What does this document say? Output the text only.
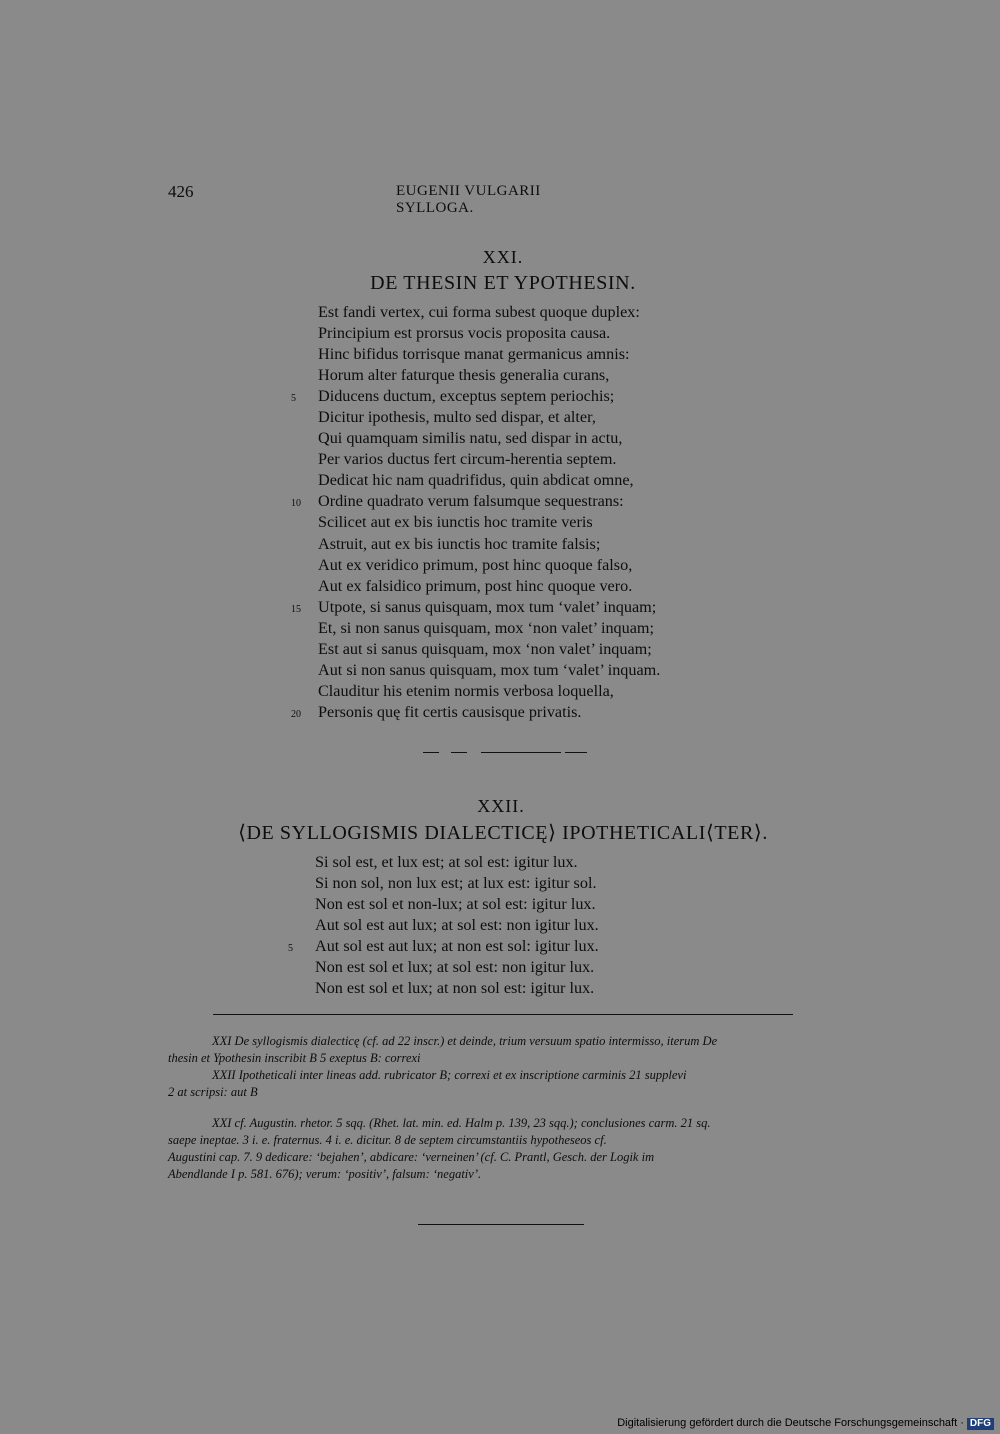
426	EUGENII VULGARII SYLLOGA.
XXI.
DE THESIN ET YPOTHESIN.
Est fandi vertex, cui forma subest quoque duplex:
Principium est prorsus vocis proposita causa.
Hinc bifidus torrisque manat germanicus amnis:
Horum alter faturque thesis generalia curans,
5	Diducens ductum, exceptus septem periochis;
Dicitur ipothesis, multo sed dispar, et alter,
Qui quamquam similis natu, sed dispar in actu,
Per varios ductus fert circum-herentia septem.
Dedicat hic nam quadrifidus, quin abdicat omne,
10	Ordine quadrato verum falsumque sequestrans:
Scilicet aut ex bis iunctis hoc tramite veris
Astruit, aut ex bis iunctis hoc tramite falsis;
Aut ex veridico primum, post hinc quoque falso,
Aut ex falsidico primum, post hinc quoque vero.
15	Utpote, si sanus quisquam, mox tum ‘valet’ inquam;
Et, si non sanus quisquam, mox ‘non valet’ inquam;
Est aut si sanus quisquam, mox ‘non valet’ inquam;
Aut si non sanus quisquam, mox tum ‘valet’ inquam.
Clauditur his etenim normis verbosa loquella,
20	Personis quę fit certis causisque privatis.
XXII.
⟨DE SYLLOGISMIS DIALECTICĘ⟩ IPOTHETICALI⟨TER⟩.
Si sol est, et lux est; at sol est: igitur lux.
Si non sol, non lux est; at lux est: igitur sol.
Non est sol et non-lux; at sol est: igitur lux.
Aut sol est aut lux; at sol est: non igitur lux.
5	Aut sol est aut lux; at non est sol: igitur lux.
Non est sol et lux; at sol est: non igitur lux.
Non est sol et lux; at non sol est: igitur lux.

XXI De syllogismis dialecticę (cf. ad 22 inscr.) et deinde, trium versuum spatio intermisso, iterum De

thesin et Ypothesin inscribit B 5 exeptus B: correxi

XXII Ipotheticali inter lineas add. rubricator B; correxi et ex inscriptione carminis 21 supplevi

2 at scripsi: aut B

XXI cf. Augustin. rhetor. 5 sqq. (Rhet. lat. min. ed. Halm p. 139, 23 sqq.); conclusiones carm. 21 sq.

saepe ineptae. 3 i. e. fraternus. 4 i. e. dicitur. 8 de septem circumstantiis hypotheseos cf.

Augustini cap. 7. 9 dedicare: ‘bejahen’, abdicare: ‘verneinen’ (cf. C. Prantl, Gesch. der Logik im

Abendlande I p. 581. 676); verum: ‘positiv’, falsum: ‘negativ’.

Digitalisierung gefördert durch die Deutsche Forschungsgemeinschaft · DFG
